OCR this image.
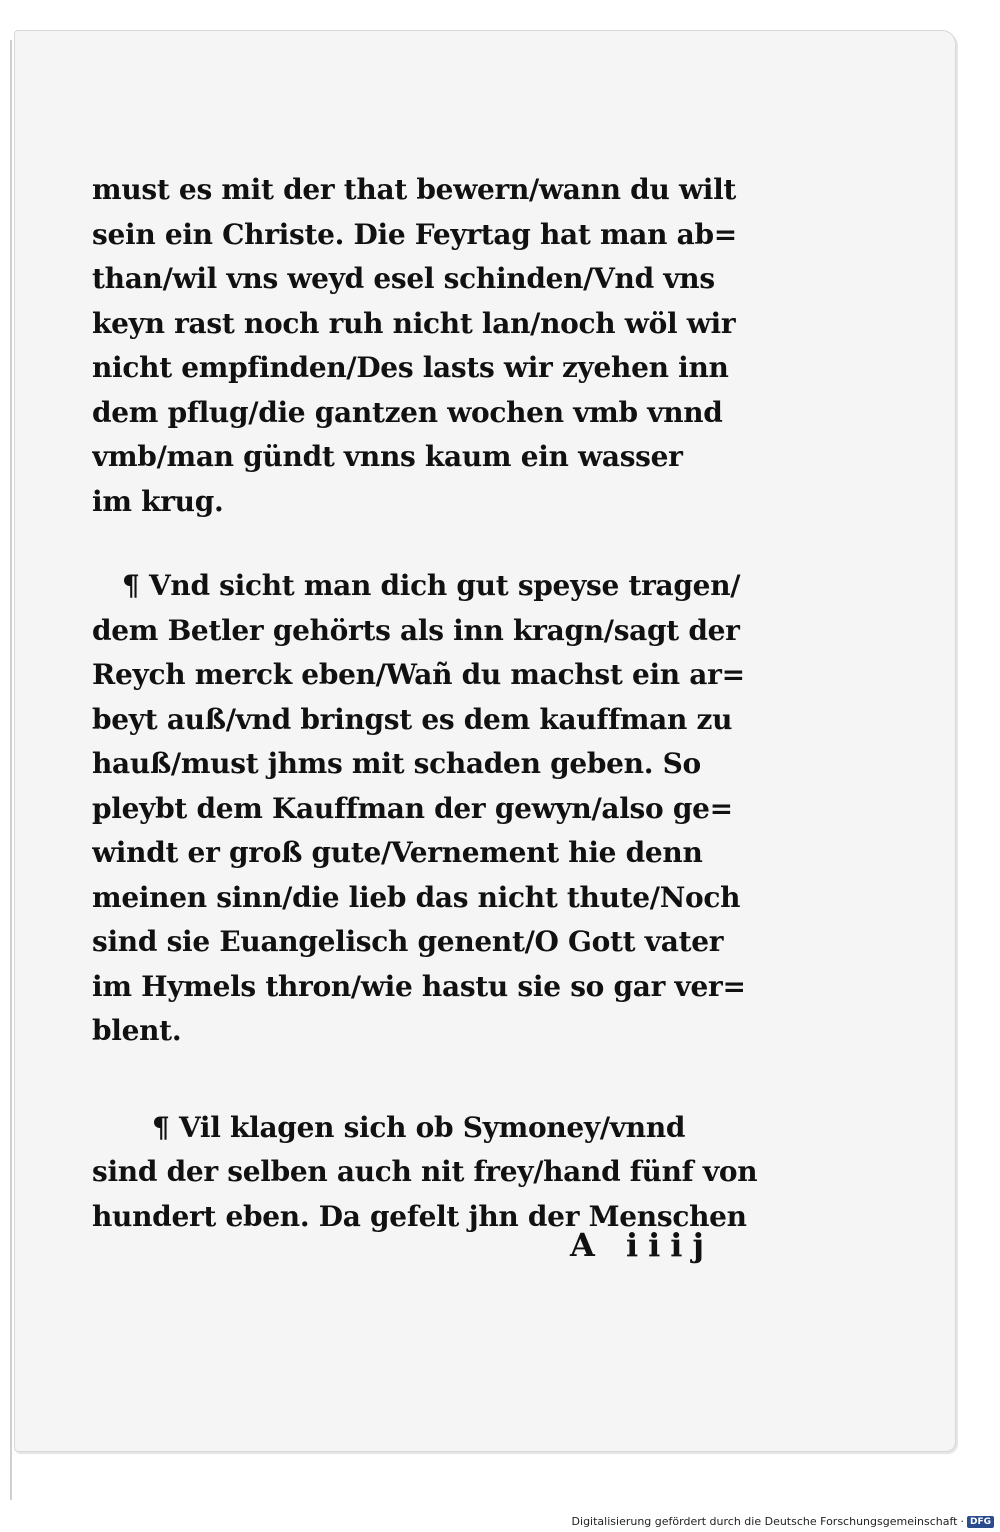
must es mit der that bewern/wann du wilt
sein ein Christe. Die Feyrtag hat man ab=
than/wil vns weyd esel schinden/Vnd vns
keyn rast noch ruh nicht lan/noch wöl wir
nicht empfinden/Des lasts wir zyehen inn
dem pflug/die gantzen wochen vmb vnnd
vmb/man gündt vnns kaum ein wasser
im krug.
¶ Vnd sicht man dich gut speyse tragen/
dem Betler gehörts als inn kragn/sagt der
Reych merck eben/Wañ du machst ein ar=
beyt auß/vnd bringst es dem kauffman zu
hauß/must jhms mit schaden geben. So
pleybt dem Kauffman der gewyn/also ge=
windt er groß gute/Vernement hie denn
meinen sinn/die lieb das nicht thute/Noch
sind sie Euangelisch genent/O Gott vater
im Hymels thron/wie hastu sie so gar ver=
blent.
¶ Vil klagen sich ob Symoney/vnnd
sind der selben auch nit frey/hand fünf von
hundert eben. Da gefelt jhn der Menschen
A iiij
Digitalisierung gefördert durch die Deutsche Forschungsgemeinschaft · DFG
